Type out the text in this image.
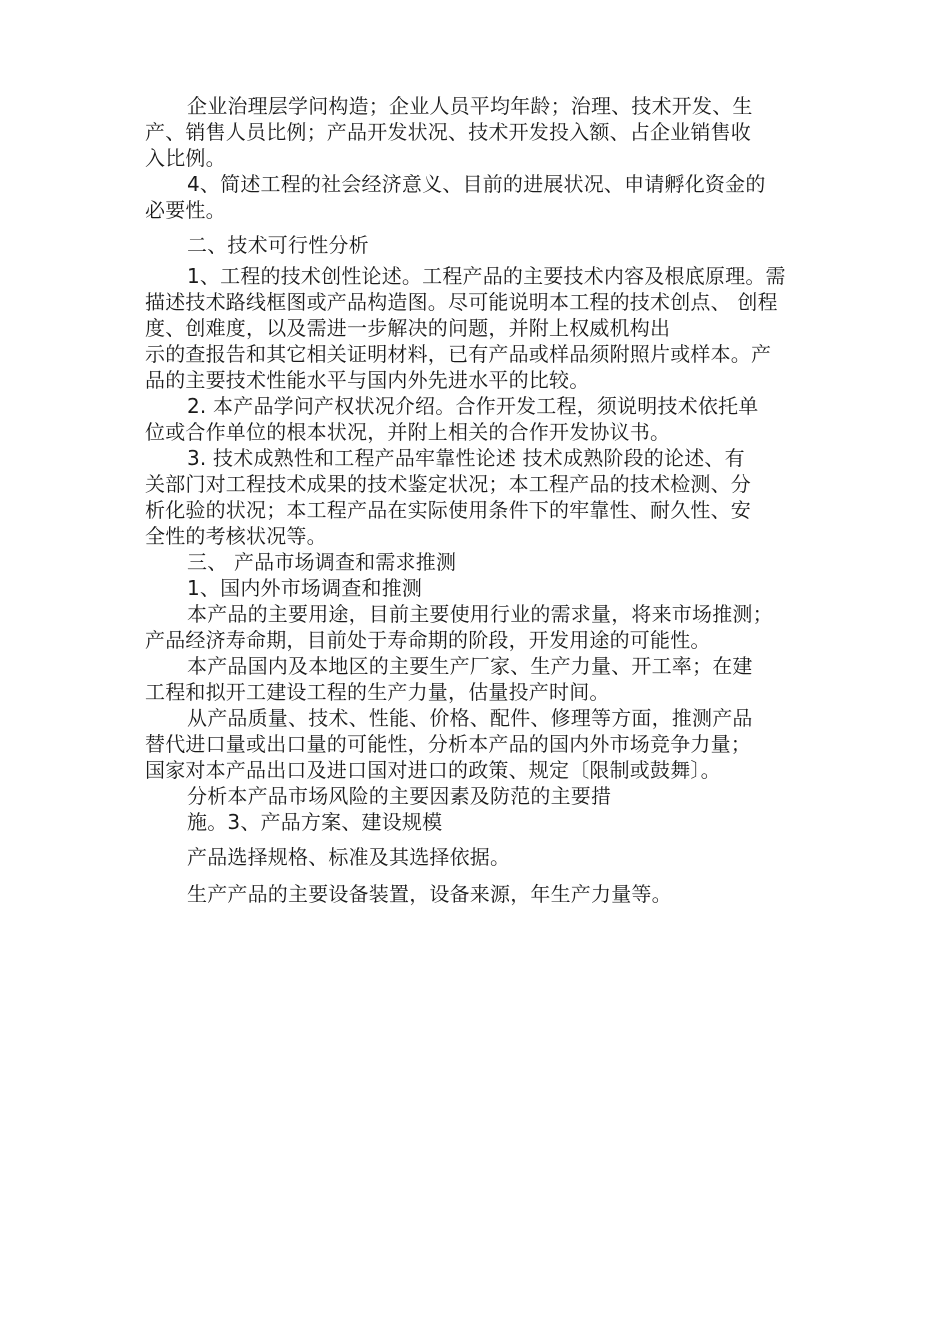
企业治理层学问构造；企业人员平均年龄；治理、技术开发、生
产、销售人员比例；产品开发状况、技术开发投入额、占企业销售收
入比例。
4、简述工程的社会经济意义、目前的进展状况、申请孵化资金的
必要性。
二、技术可行性分析
1、工程的技术创性论述。工程产品的主要技术内容及根底原理。需
描述技术路线框图或产品构造图。尽可能说明本工程的技术创点、 创程
度、创难度，以及需进一步解决的问题，并附上权威机构出
示的查报告和其它相关证明材料，已有产品或样品须附照片或样本。产
品的主要技术性能水平与国内外先进水平的比较。
2. 本产品学问产权状况介绍。合作开发工程，须说明技术依托单
位或合作单位的根本状况，并附上相关的合作开发协议书。
3. 技术成熟性和工程产品牢靠性论述 技术成熟阶段的论述、有
关部门对工程技术成果的技术鉴定状况；本工程产品的技术检测、分
析化验的状况；本工程产品在实际使用条件下的牢靠性、耐久性、安
全性的考核状况等。
三、 产品市场调查和需求推测
1、国内外市场调查和推测
本产品的主要用途，目前主要使用行业的需求量，将来市场推测；
产品经济寿命期，目前处于寿命期的阶段，开发用途的可能性。
本产品国内及本地区的主要生产厂家、生产力量、开工率；在建
工程和拟开工建设工程的生产力量，估量投产时间。
从产品质量、技术、性能、价格、配件、修理等方面，推测产品
替代进口量或出口量的可能性，分析本产品的国内外市场竞争力量；
国家对本产品出口及进口国对进口的政策、规定〔限制或鼓舞〕。
分析本产品市场风险的主要因素及防范的主要措
施。3、产品方案、建设规模
产品选择规格、标准及其选择依据。
生产产品的主要设备装置，设备来源，年生产力量等。
